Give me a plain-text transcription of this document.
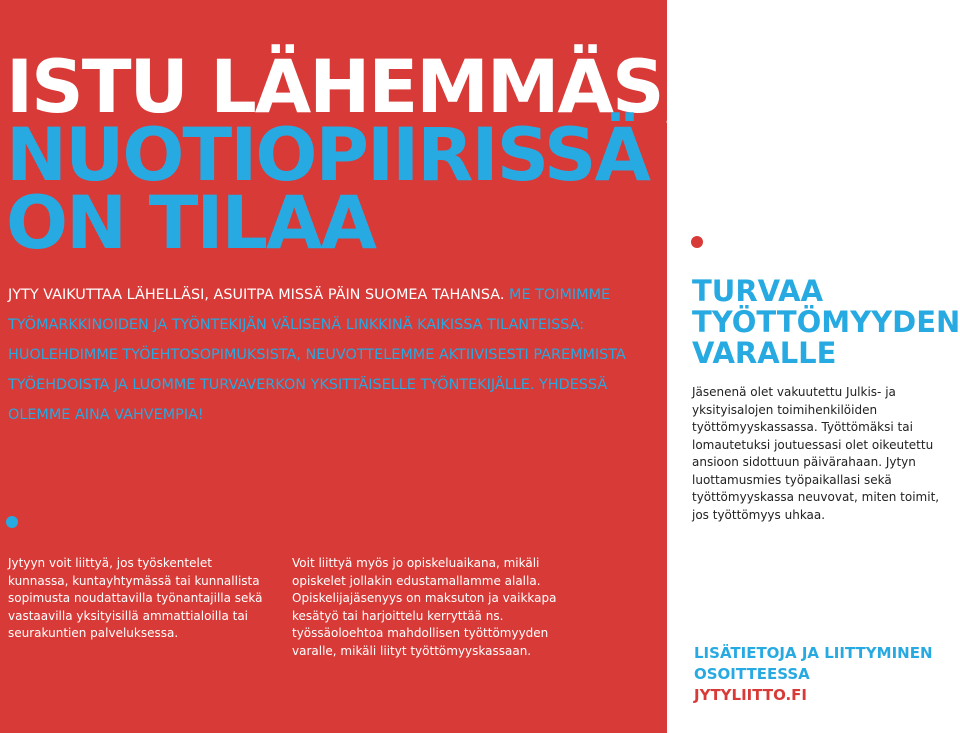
ISTU LÄHEMMÄS,
NUOTIOPIIRISSÄ
ON TILAA

JYTY VAIKUTTAA LÄHELLÄSI, ASUITPA MISSÄ PÄIN SUOMEA TAHANSA. ME TOIMIMME TYÖMARKKINOIDEN JA TYÖNTEKIJÄN VÄLISENÄ LINKKINÄ KAIKISSA TILANTEISSA: HUOLEHDIMME TYÖEHTOSOPIMUKSISTA, NEUVOTTELEMME AKTIIVISESTI PAREMMISTA TYÖEHDOISTA JA LUOMME TURVAVERKON YKSITTÄISELLE TYÖNTEKIJÄLLE. YHDESSÄ OLEMME AINA VAHVEMPIA!

Jytyyn voit liittyä, jos työskentelet kunnassa, kuntayhtymässä tai kunnallista sopimusta noudattavilla työnantajilla sekä vastaavilla yksityisillä ammattialoilla tai seurakuntien palveluksessa.

Voit liittyä myös jo opiskeluaikana, mikäli opiskelet jollakin edustamallamme alalla. Opiskelijajäsenyys on maksuton ja vaikkapa kesätyö tai harjoittelu kerryttää ns. työssäoloehtoa mahdollisen työttömyyden varalle, mikäli liityt työttömyyskassaan.

TURVAA
TYÖTTÖMYYDEN
VARALLE

Jäsenenä olet vakuutettu Julkis- ja yksityisalojen toimihenkilöiden työttömyyskassassa. Työttömäksi tai lomautetuksi joutuessasi olet oikeutettu ansioon sidottuun päivärahaan. Jytyn luottamusmies työpaikallasi sekä työttömyyskassa neuvovat, miten toimit, jos työttömyys uhkaa.

LISÄTIETOJA JA LIITTYMINEN
OSOITTEESSA
JYTYLIITTO.FI
